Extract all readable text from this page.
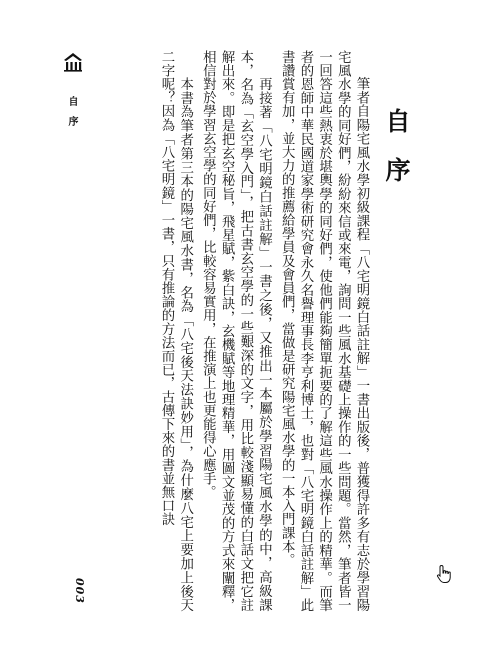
自序
003
自序

筆者自陽宅風水學初級課程「八宅明鏡白話註解」一書出版後，普獲得許多有志於學習陽宅風水學的同好們，紛紛來信或來電，詢問一些風水基礎上操作的一些問題。當然，筆者皆一一回答這些熱衷於堪輿學的同好們，使他們能夠簡單扼要的了解這些風水操作上的精華。而筆者的恩師中華民國道家學術研究會永久名譽理事長李亨利博士，也對「八宅明鏡白話註解」此書讚賞有加，並大力的推薦給學員及會員們，當做是研究陽宅風水學的一本入門課本。

再接著「八宅明鏡白話註解」一書之後，又推出一本屬於學習陽宅風水學的中，高級課本，名為「玄空學入門」，把古書玄空學的一些艱深的文字，用比較淺顯易懂的白話文把它註解出來。即是把玄空秘旨，飛星賦，紫白訣，玄機賦等地理精華，用圖文並茂的方式來闡釋，相信對於學習玄空學的同好們，比較容易實用，在推演上也更能得心應手。

本書為筆者第三本的陽宅風水書，名為「八宅後天法訣妙用」，為什麼八宅上要加上後天二字呢？因為「八宅明鏡」一書，只有推論的方法而已，古傳下來的書並無口訣
